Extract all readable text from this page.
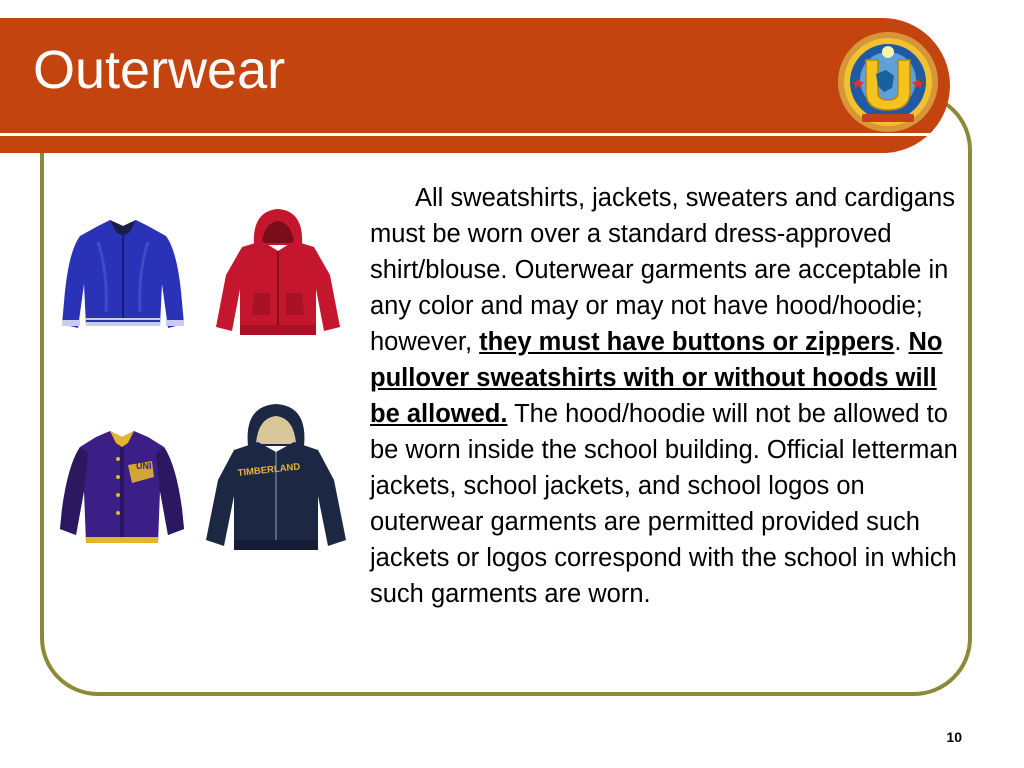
Outerwear
UNI	TIMBERLAND

All sweatshirts, jackets, sweaters and cardigans must be worn over a standard dress-approved shirt/blouse. Outerwear garments are acceptable in any color and may or may not have hood/hoodie; however, they must have buttons or zippers. No pullover sweatshirts with or without hoods will be allowed. The hood/hoodie will not be allowed to be worn inside the school building. Official letterman jackets, school jackets, and school logos on outerwear garments are permitted provided such jackets or logos correspond with the school in which such garments are worn.

10
